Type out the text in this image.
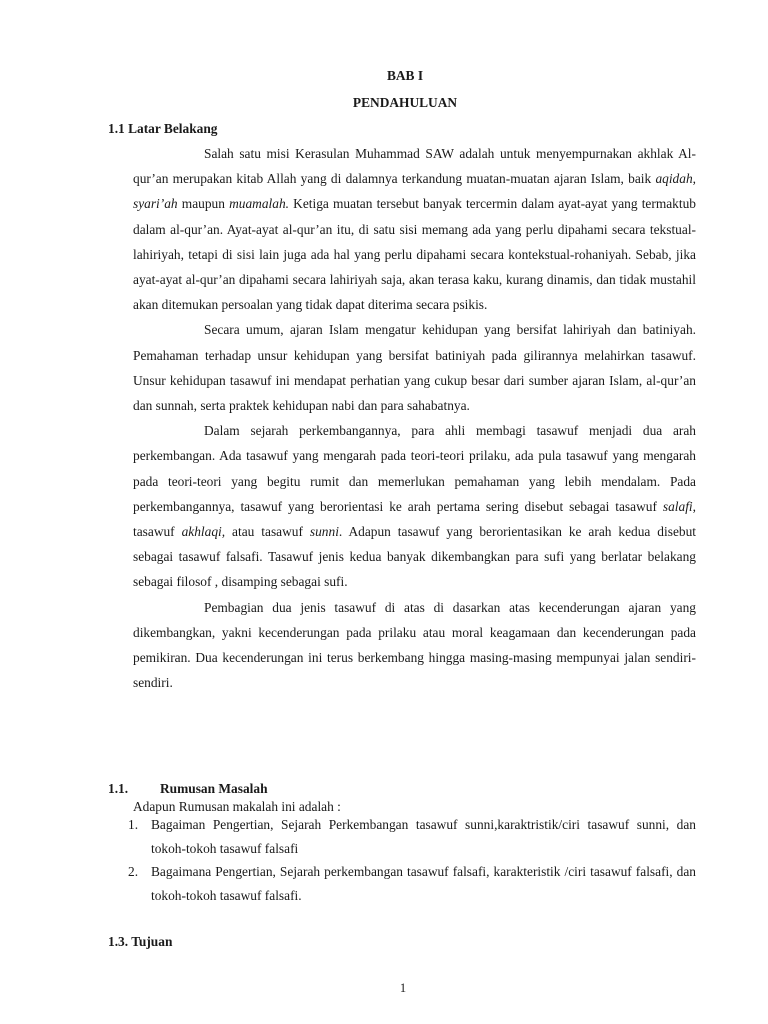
BAB I

PENDAHULUAN

1.1 Latar Belakang

Salah satu misi Kerasulan Muhammad SAW adalah untuk menyempurnakan akhlak Al-qur’an merupakan kitab Allah yang di dalamnya terkandung muatan-muatan ajaran Islam, baik aqidah, syari’ah maupun muamalah. Ketiga muatan tersebut banyak tercermin dalam ayat-ayat yang termaktub dalam al-qur’an. Ayat-ayat al-qur’an itu, di satu sisi memang ada yang perlu dipahami secara tekstual-lahiriyah, tetapi di sisi lain juga ada hal yang perlu dipahami secara kontekstual-rohaniyah. Sebab, jika ayat-ayat al-qur’an dipahami secara lahiriyah saja, akan terasa kaku, kurang dinamis, dan tidak mustahil akan ditemukan persoalan yang tidak dapat diterima secara psikis.

Secara umum, ajaran Islam mengatur kehidupan yang bersifat lahiriyah dan batiniyah. Pemahaman terhadap unsur kehidupan yang bersifat batiniyah pada gilirannya melahirkan tasawuf. Unsur kehidupan tasawuf ini mendapat perhatian yang cukup besar dari sumber ajaran Islam, al-qur’an dan sunnah, serta praktek kehidupan nabi dan para sahabatnya.

Dalam sejarah perkembangannya, para ahli membagi tasawuf menjadi dua arah perkembangan. Ada tasawuf yang mengarah pada teori-teori prilaku, ada pula tasawuf yang mengarah pada teori-teori yang begitu rumit dan memerlukan pemahaman yang lebih mendalam. Pada perkembangannya, tasawuf yang berorientasi ke arah pertama sering disebut sebagai tasawuf salafi, tasawuf akhlaqi, atau tasawuf sunni. Adapun tasawuf yang berorientasikan ke arah kedua disebut sebagai tasawuf falsafi. Tasawuf jenis kedua banyak dikembangkan para sufi yang berlatar belakang sebagai filosof , disamping sebagai sufi.

Pembagian dua jenis tasawuf di atas di dasarkan atas kecenderungan ajaran yang dikembangkan, yakni kecenderungan pada prilaku atau moral keagamaan dan kecenderungan pada pemikiran. Dua kecenderungan ini terus berkembang hingga masing-masing mempunyai jalan sendiri-sendiri.

1.1. Rumusan Masalah

Adapun Rumusan makalah ini adalah :

1. Bagaiman Pengertian, Sejarah Perkembangan tasawuf sunni,karaktristik/ciri tasawuf sunni, dan tokoh-tokoh tasawuf falsafi
2. Bagaimana Pengertian, Sejarah perkembangan tasawuf falsafi, karakteristik /ciri tasawuf falsafi, dan tokoh-tokoh tasawuf falsafi.

1.3. Tujuan

1
